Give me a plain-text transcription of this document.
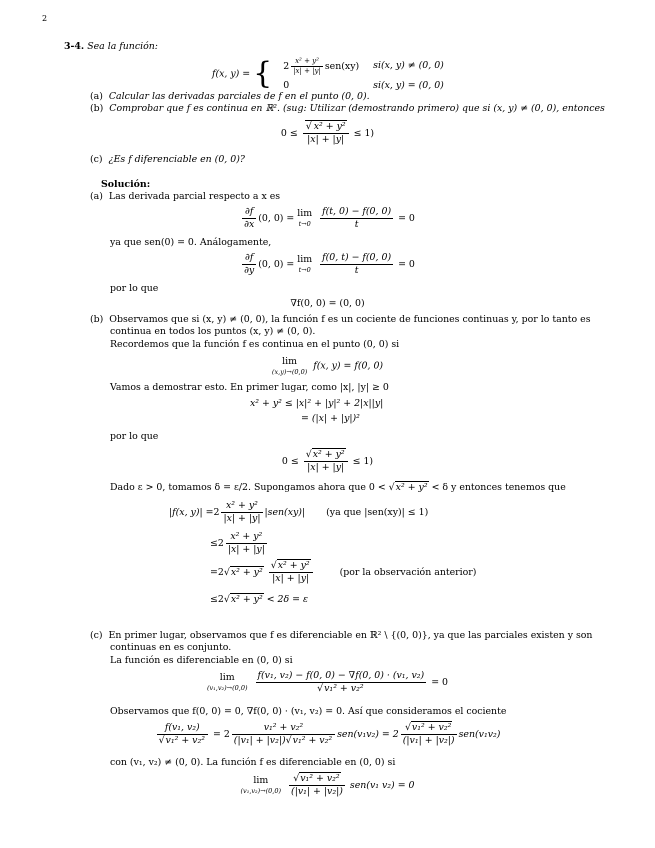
2
3-4. Sea la función:
f(x, y) = { $2 \frac{\text{x² + y²}}{|x| + |y|} sen(xy)$	si(x, y) ≠ (0, 0)
0	si(x, y) = (0, 0)
(a) Calcular las derivadas parciales de f en el punto (0, 0).
(b) Comprobar que f es continua en ℝ². (sug: Utilizar (demostrando primero) que si (x, y) ≠ (0, 0), entonces
$0 \le \frac{\text{√ x² + y²}}{|x| + |y|} \le 1$)
(c) ¿Es f diferenciable en (0, 0)?
Solución:
(a) Las derivada parcial respecto a x es
$\frac{\partial f}{\partial x} (0$, 0) = lim
t→0
$\frac{f(t, 0) - f(0, 0)}{t} = 0$
ya que sen(0) = 0. Análogamente,
$\frac{\partial f}{\partial y} (0$, 0) = lim
t→0
$\frac{f(0, t) - f(0, 0)}{t} = 0$
por lo que
∇f(0, 0) = (0, 0)
(b) Observamos que si (x, y) ≠ (0, 0), la función f es un cociente de funciones continuas y, por lo tanto es
continua en todos los puntos (x, y) ≠ (0, 0).
Recordemos que la función f es continua en el punto (0, 0) si
lim
(x,y)→(0,0)
f(x, y) = f(0, 0)
Vamos a demostrar esto. En primer lugar, como |x|, |y| ≥ 0
x² + y² ≤ |x|² + |y|² + 2|x||y|
= (|x| + |y|)²
por lo que
$0 \le \frac{\text{√x² + y²}}{|x| + |y|} \le 1$)
Dado ε > 0, tomamos δ = ε/2. Supongamos ahora que 0 < √x² + y² < δ y entonces tenemos que
|f(x, $y)| =2 \frac{\text{x² + y²}}{|x| + |y|} |sen(xy)|$ (ya que |sen(xy)| ≤ 1)
$\le 2 \frac{\text{x² + y²}}{|x| + |y|}$
$=2√x^2 + y^2 \frac{\text{√x² + y²}}{|x| + |y|}$	(por la observación anterior)
≤2√x² + y² < 2δ = ε
(c) En primer lugar, observamos que f es diferenciable en ℝ² \ {(0, 0)}, ya que las parciales existen y son
continuas en es conjunto.
La función es diferenciable en (0, 0) si
lim
(v₁,v₂)→(0,0)
$\frac{\text{f(v₁, v₂) − f(0, 0) − ∇f(0, 0) · (v₁, v₂)}}{\text{√v₁² + v₂²}} = 0$
Observamos que f(0, 0) = 0, ∇f(0, 0) · (v₁, v₂) = 0. Así que consideramos el cociente
$\frac{\text{f(v₁, v₂)}}{\text{√v₁² + v₂²}} = 2 \frac{\text{v₁² + v₂²}}{\text{(|v₁| + |v₂|)√v₁² + v₂²}} sen(v_1v_2) = 2 \frac{\text{√v₁² + v₂²}}{\text{(|v₁| + |v₂|)}} sen(v_1v_2)$
con (v₁, v₂) ≠ (0, 0). La función f es diferenciable en (0, 0) si
lim
(v₁,v₂)→(0,0)
$\frac{\text{√v₁² + v₂²}}{\text{(|v₁| + |v₂|)}} sen(v_1$ v₂) = 0
